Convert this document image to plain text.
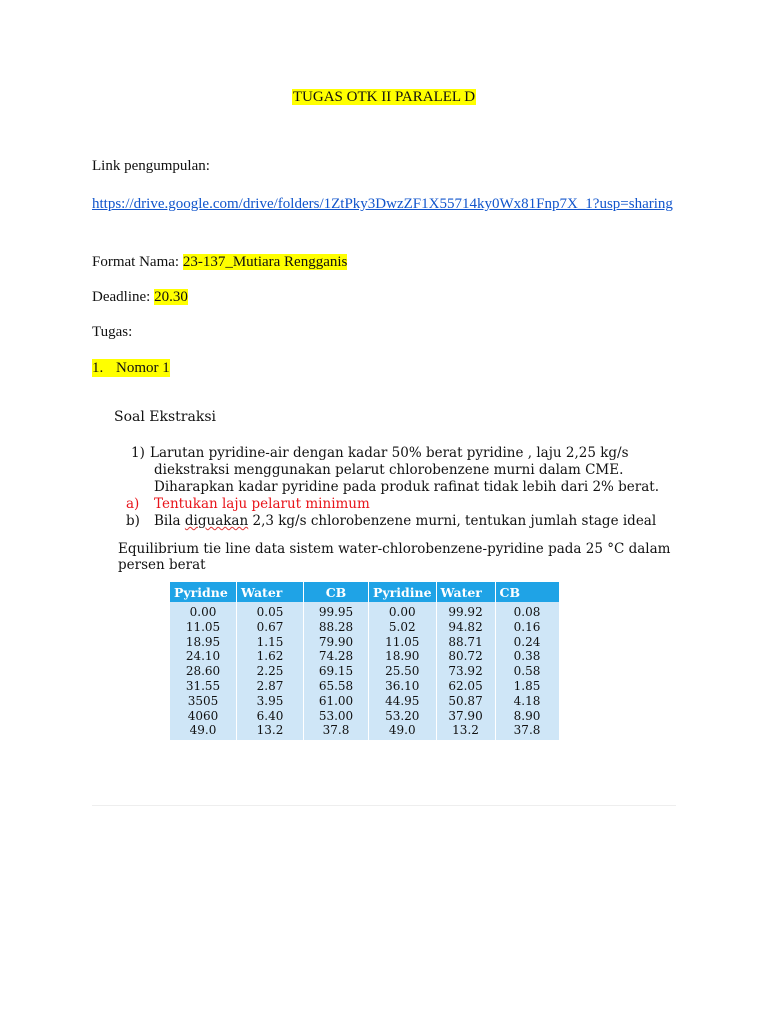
TUGAS OTK II PARALEL D
Link pengumpulan:
https://drive.google.com/drive/folders/1ZtPky3DwzZF1X55714ky0Wx81Fnp7X_1?usp=sharing
Format Nama: 23-137_Mutiara Rengganis
Deadline: 20.30
Tugas:
1. Nomor 1
Soal Ekstraksi
1) Larutan pyridine-air dengan kadar 50% berat pyridine , laju 2,25 kg/s
diekstraksi menggunakan pelarut chlorobenzene murni dalam CME.
Diharapkan kadar pyridine pada produk rafinat tidak lebih dari 2% berat.
a) Tentukan laju pelarut minimum
b) Bila diguakan 2,3 kg/s chlorobenzene murni, tentukan jumlah stage ideal
Equilibrium tie line data sistem water-chlorobenzene-pyridine pada 25 °C dalam
persen berat
Pyridne	Water	CB	Pyridine	Water	CB
0.00	0.05	99.95	0.00	99.92	0.08
11.05	0.67	88.28	5.02	94.82	0.16
18.95	1.15	79.90	11.05	88.71	0.24
24.10	1.62	74.28	18.90	80.72	0.38
28.60	2.25	69.15	25.50	73.92	0.58
31.55	2.87	65.58	36.10	62.05	1.85
3505	3.95	61.00	44.95	50.87	4.18
4060	6.40	53.00	53.20	37.90	8.90
49.0	13.2	37.8	49.0	13.2	37.8
